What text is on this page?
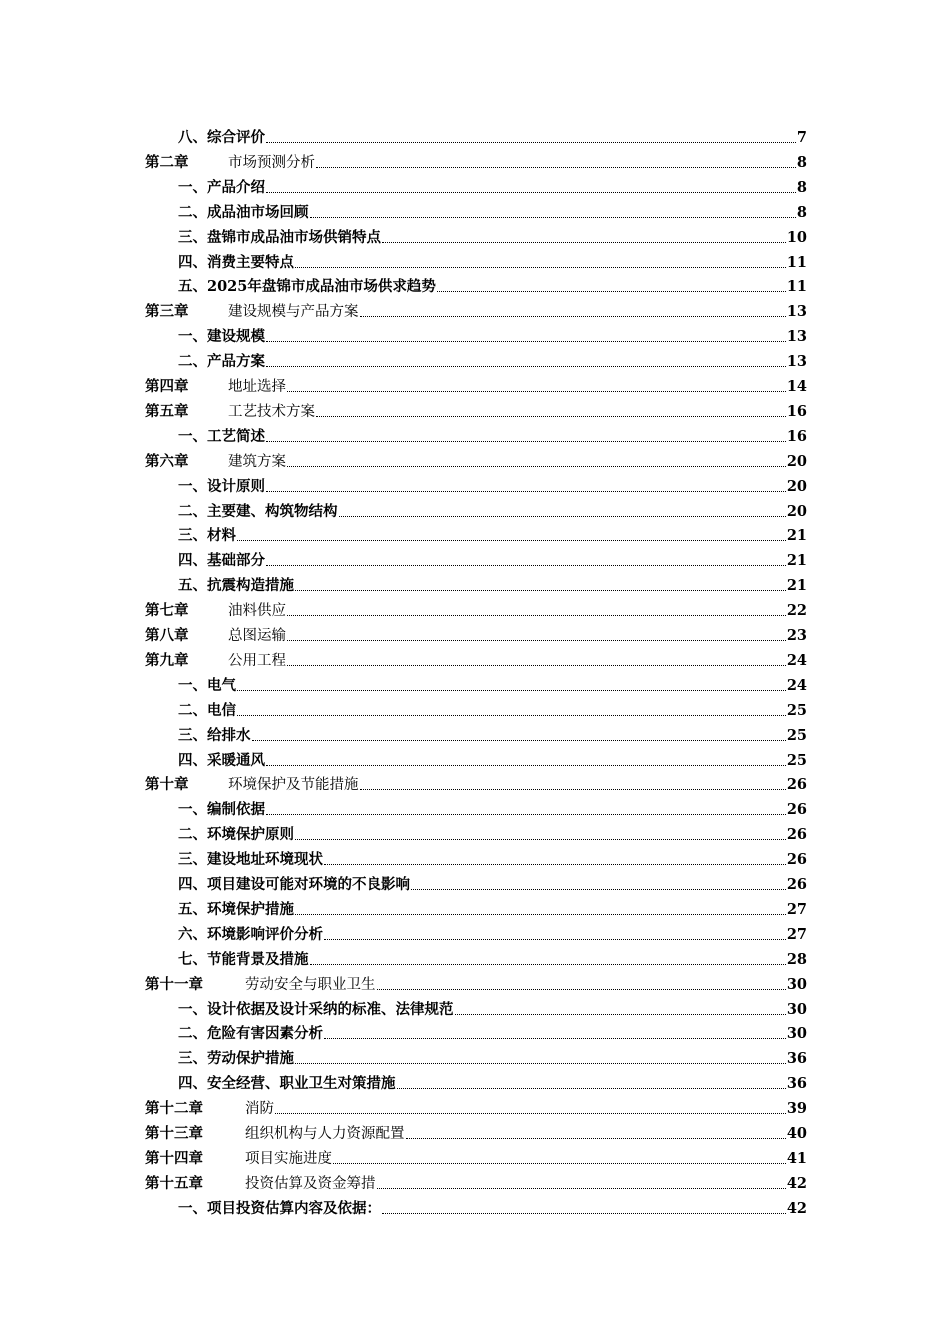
八、 综合评价	7
第二章	市场预测分析	8
一、 产品介绍	8
二、 成品油市场回顾	8
三、 盘锦市成品油市场供销特点	10
四、 消费主要特点	11
五、 2025年盘锦市成品油市场供求趋势	11
第三章	建设规模与产品方案	13
一、 建设规模	13
二、 产品方案	13
第四章	地址选择	14
第五章	工艺技术方案	16
一、 工艺简述	16
第六章	建筑方案	20
一、 设计原则	20
二、 主要建、构筑物结构	20
三、 材料	21
四、 基础部分	21
五、 抗震构造措施	21
第七章	油料供应	22
第八章	总图运输	23
第九章	公用工程	24
一、 电气	24
二、 电信	25
三、 给排水	25
四、 采暖通风	25
第十章	环境保护及节能措施	26
一、 编制依据	26
二、 环境保护原则	26
三、 建设地址环境现状	26
四、 项目建设可能对环境的不良影响	26
五、 环境保护措施	27
六、 环境影响评价分析	27
七、 节能背景及措施	28
第十一章	劳动安全与职业卫生	30
一、 设计依据及设计采纳的标准、法律规范	30
二、 危险有害因素分析	30
三、 劳动保护措施	36
四、 安全经营、职业卫生对策措施	36
第十二章	消防	39
第十三章	组织机构与人力资源配置	40
第十四章	项目实施进度	41
第十五章	投资估算及资金筹措	42
一、 项目投资估算内容及依据：	42
